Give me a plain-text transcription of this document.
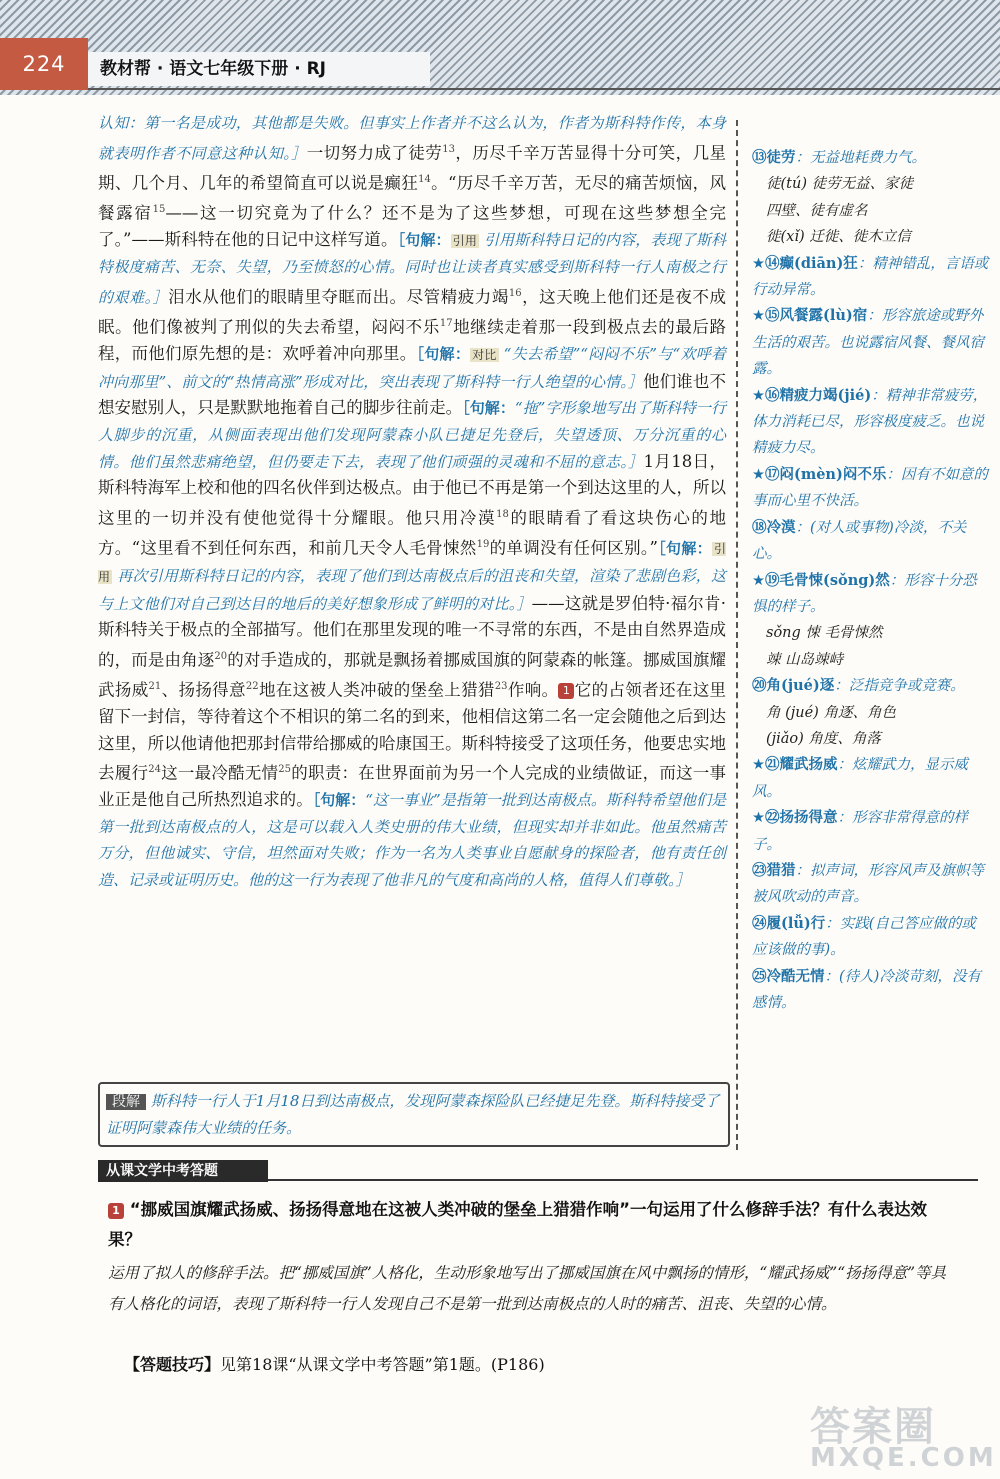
224	教材帮 · 语文七年级下册 · RJ
认知：第一名是成功，其他都是失败。但事实上作者并不这么认为，作者为斯科特作传，本身就表明作者不同意这种认知。］一切努力成了徒劳$^{13}$，历尽千辛万苦显得十分可笑，几星期、几个月、几年的希望简直可以说是癫狂$^{14}$。“历尽千辛万苦，无尽的痛苦烦恼，风餐露宿$^{15}$——这一切究竟为了什么？还不是为了这些梦想，可现在这些梦想全完了。”——斯科特在他的日记中这样写道。［句解： 引用 引用斯科特日记的内容，表现了斯科特极度痛苦、无奈、失望，乃至愤怒的心情。同时也让读者真实感受到斯科特一行人南极之行的艰难。］泪水从他们的眼睛里夺眶而出。尽管精疲力竭$^{16}$，这天晚上他们还是夜不成眠。他们像被判了刑似的失去希望，闷闷不乐$^{17}$地继续走着那一段到极点去的最后路程，而他们原先想的是：欢呼着冲向那里。［句解： 对比 “失去希望”“闷闷不乐”与“欢呼着冲向那里”、前文的“热情高涨”形成对比，突出表现了斯科特一行人绝望的心情。］他们谁也不想安慰别人，只是默默地拖着自己的脚步往前走。［句解：“拖”字形象地写出了斯科特一行人脚步的沉重，从侧面表现出他们发现阿蒙森小队已捷足先登后，失望透顶、万分沉重的心情。他们虽然悲痛绝望，但仍要走下去，表现了他们顽强的灵魂和不屈的意志。］1月18日，斯科特海军上校和他的四名伙伴到达极点。由于他已不再是第一个到达这里的人，所以这里的一切并没有使他觉得十分耀眼。他只用冷漠$^{18}$的眼睛看了看这块伤心的地方。“这里看不到任何东西，和前几天令人毛骨悚然$^{19}$的单调没有任何区别。”［句解： 引用 再次引用斯科特日记的内容，表现了他们到达南极点后的沮丧和失望，渲染了悲剧色彩，这与上文他们对自己到达目的地后的美好想象形成了鲜明的对比。］——这就是罗伯特·福尔肯·斯科特关于极点的全部描写。他们在那里发现的唯一不寻常的东西，不是由自然界造成的，而是由角逐$^{20}$的对手造成的，那就是飘扬着挪威国旗的阿蒙森的帐篷。挪威国旗耀武扬威$^{21}$、扬扬得意$^{22}$地在这被人类冲破的堡垒上猎猎$^{23}$作响。 1 它的占领者还在这里留下一封信，等待着这个不相识的第二名的到来，他相信这第二名一定会随他之后到达这里，所以他请他把那封信带给挪威的哈康国王。斯科特接受了这项任务，他要忠实地去履行$^{24}$这一最冷酷无情$^{25}$的职责：在世界面前为另一个人完成的业绩做证，而这一事业正是他自己所热烈追求的。［句解：“这一事业”是指第一批到达南极点。斯科特希望他们是第一批到达南极点的人，这是可以载入人类史册的伟大业绩，但现实却并非如此。他虽然痛苦万分，但他诚实、守信，坦然面对失败；作为一名为人类事业自愿献身的探险者，他有责任创造、记录或证明历史。他的这一行为表现了他非凡的气度和高尚的人格，值得人们尊敬。］
段解 斯科特一行人于1月18日到达南极点，发现阿蒙森探险队已经捷足先登。斯科特接受了证明阿蒙森伟大业绩的任务。

⑬徒劳：无益地耗费力气。

徒(tú) 徒劳无益、家徒
四壁、徒有虚名
徙(xǐ) 迁徙、徙木立信

★⑭癫(diān)狂：精神错乱，言语或行动异常。

★⑮风餐露(lù)宿：形容旅途或野外生活的艰苦。也说露宿风餐、餐风宿露。

★⑯精疲力竭(jié)：精神非常疲劳，体力消耗已尽，形容极度疲乏。也说精疲力尽。

★⑰闷(mèn)闷不乐：因有不如意的事而心里不快活。

⑱冷漠：(对人或事物)冷淡，不关心。

★⑲毛骨悚(sǒng)然：形容十分恐惧的样子。

sǒng 悚 毛骨悚然
竦 山岛竦峙

⑳角(jué)逐：泛指竞争或竞赛。

角 (jué) 角逐、角色
(jiǎo) 角度、角落

★㉑耀武扬威：炫耀武力，显示威风。

★㉒扬扬得意：形容非常得意的样子。

㉓猎猎：拟声词，形容风声及旗帜等被风吹动的声音。

㉔履(lǚ)行：实践(自己答应做的或应该做的事)。

㉕冷酷无情：(待人)冷淡苛刻，没有感情。

从课文学中考答题
1 “挪威国旗耀武扬威、扬扬得意地在这被人类冲破的堡垒上猎猎作响”一句运用了什么修辞手法？有什么表达效果？
运用了拟人的修辞手法。把“挪威国旗”人格化，生动形象地写出了挪威国旗在风中飘扬的情形，“耀武扬威”“扬扬得意”等具有人格化的词语，表现了斯科特一行人发现自己不是第一批到达南极点的人时的痛苦、沮丧、失望的心情。
【答题技巧】见第18课“从课文学中考答题”第1题。(P186)
答案圈
MXQE.COM
